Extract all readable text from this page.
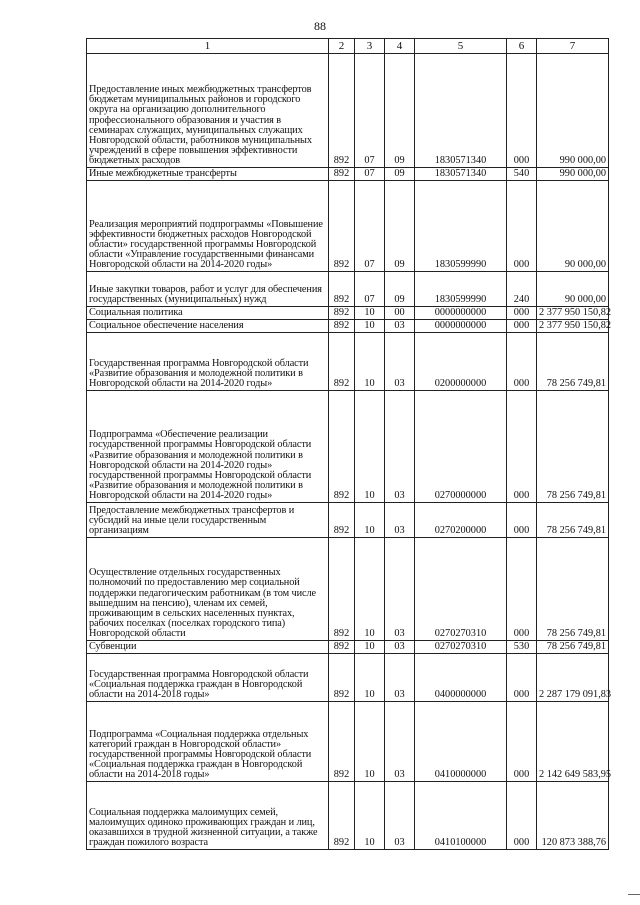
88
1	2	3	4	5	6	7
Предоставление иных межбюджетных трансфертов бюджетам муниципальных районов и городского округа на организацию дополнительного профессионального образования и участия в семинарах служащих, муниципальных служащих Новгородской области, работников муниципальных учреждений в сфере повышения эффективности бюджетных расходов	892	07	09	1830571340	000	990 000,00
Иные межбюджетные трансферты	892	07	09	1830571340	540	990 000,00
Реализация мероприятий подпрограммы «Повышение эффективности бюджетных расходов Новгородской области» государственной программы Новгородской области «Управление государственными финансами Новгородской области на 2014-2020 годы»	892	07	09	1830599990	000	90 000,00
Иные закупки товаров, работ и услуг для обеспечения государственных (муниципальных) нужд	892	07	09	1830599990	240	90 000,00
Социальная политика	892	10	00	0000000000	000	2 377 950 150,82
Социальное обеспечение населения	892	10	03	0000000000	000	2 377 950 150,82
Государственная программа Новгородской области «Развитие образования и молодежной политики в Новгородской области на 2014-2020 годы»	892	10	03	0200000000	000	78 256 749,81
Подпрограмма «Обеспечение реализации государственной программы Новгородской области «Развитие образования и молодежной политики в Новгородской области на 2014-2020 годы» государственной программы Новгородской области «Развитие образования и молодежной политики в Новгородской области на 2014-2020 годы»	892	10	03	0270000000	000	78 256 749,81
Предоставление межбюджетных трансфертов и субсидий на иные цели государственным организациям	892	10	03	0270200000	000	78 256 749,81
Осуществление отдельных государственных полномочий по предоставлению мер социальной поддержки педагогическим работникам (в том числе вышедшим на пенсию), членам их семей, проживающим в сельских населенных пунктах, рабочих поселках (поселках городского типа) Новгородской области	892	10	03	0270270310	000	78 256 749,81
Субвенции	892	10	03	0270270310	530	78 256 749,81
Государственная программа Новгородской области «Социальная поддержка граждан в Новгородской области на 2014-2018 годы»	892	10	03	0400000000	000	2 287 179 091,83
Подпрограмма «Социальная поддержка отдельных категорий граждан в Новгородской области» государственной программы Новгородской области «Социальная поддержка граждан в Новгородской области на 2014-2018 годы»	892	10	03	0410000000	000	2 142 649 583,95
Социальная поддержка малоимущих семей, малоимущих одиноко проживающих граждан и лиц, оказавшихся в трудной жизненной ситуации, а также граждан пожилого возраста	892	10	03	0410100000	000	120 873 388,76
